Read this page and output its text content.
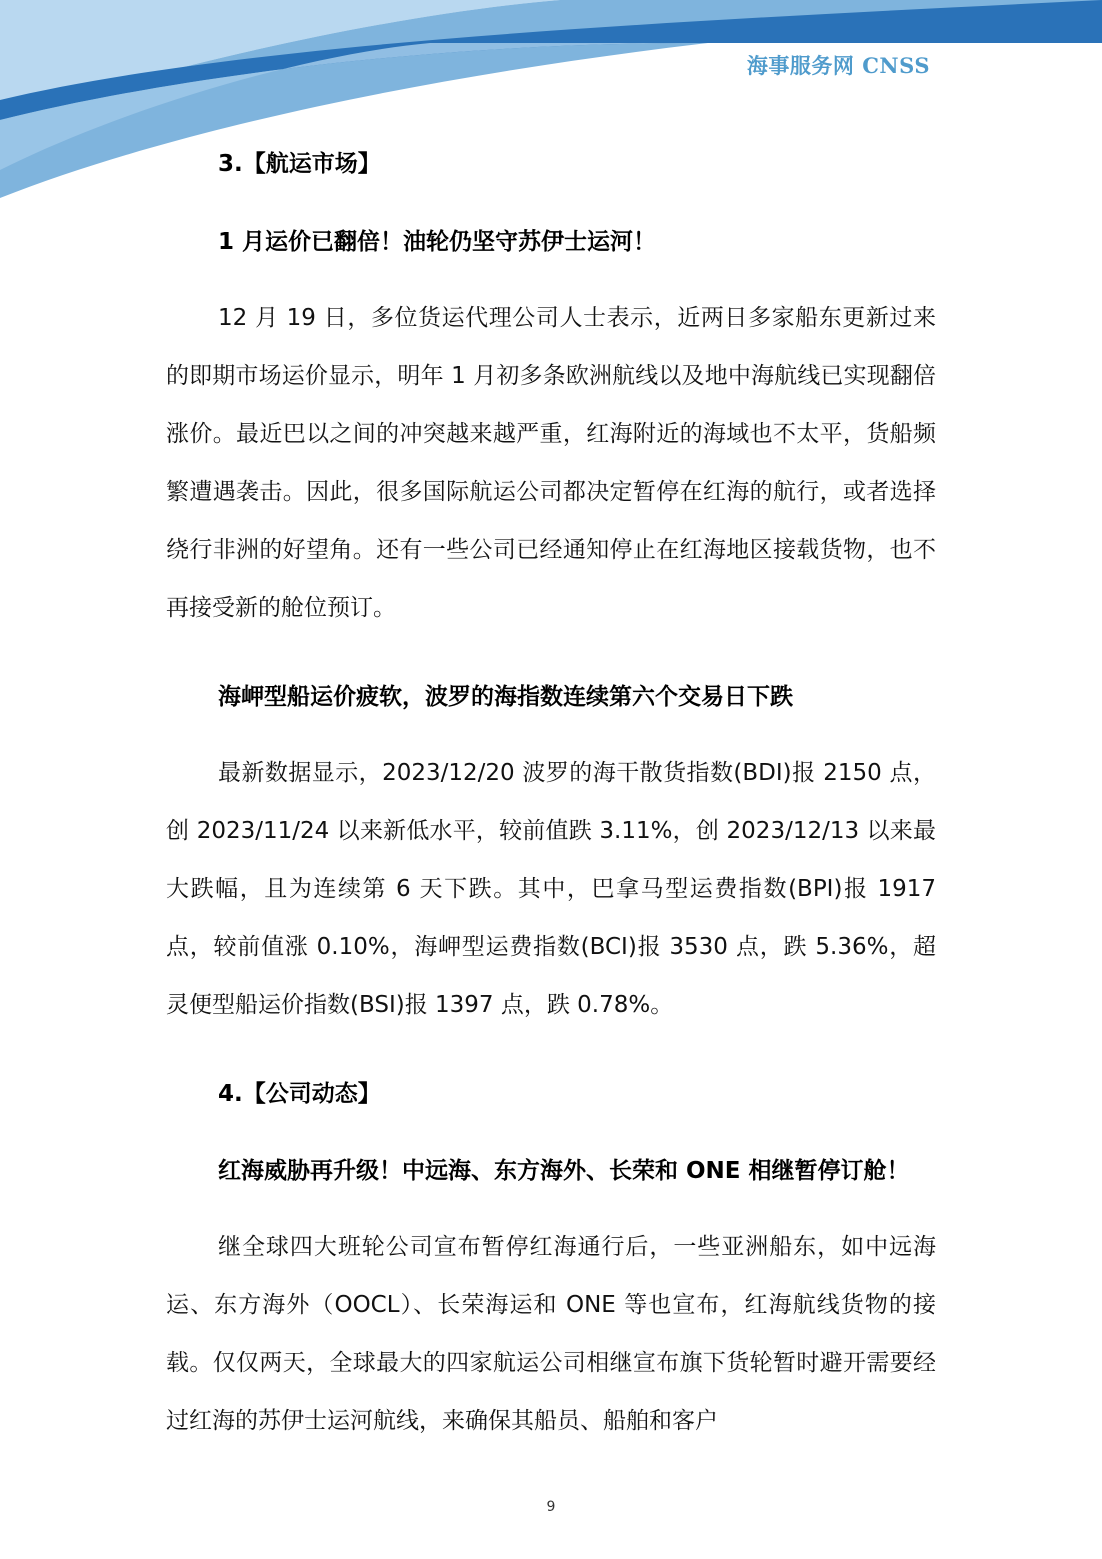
海事服务网 CNSS
3.【航运市场】
1 月运价已翻倍！油轮仍坚守苏伊士运河！

12 月 19 日，多位货运代理公司人士表示，近两日多家船东更新过来的即期市场运价显示，明年 1 月初多条欧洲航线以及地中海航线已实现翻倍涨价。最近巴以之间的冲突越来越严重，红海附近的海域也不太平，货船频繁遭遇袭击。因此，很多国际航运公司都决定暂停在红海的航行，或者选择绕行非洲的好望角。还有一些公司已经通知停止在红海地区接载货物，也不再接受新的舱位预订。

海岬型船运价疲软，波罗的海指数连续第六个交易日下跌

最新数据显示，2023/12/20 波罗的海干散货指数(BDI)报 2150 点，创 2023/11/24 以来新低水平，较前值跌 3.11%，创 2023/12/13 以来最大跌幅，且为连续第 6 天下跌。其中，巴拿马型运费指数(BPI)报 1917 点，较前值涨 0.10%，海岬型运费指数(BCI)报 3530 点，跌 5.36%，超灵便型船运价指数(BSI)报 1397 点，跌 0.78%。

4.【公司动态】
红海威胁再升级！中远海、东方海外、长荣和 ONE 相继暂停订舱！

继全球四大班轮公司宣布暂停红海通行后，一些亚洲船东，如中远海运、东方海外（OOCL）、长荣海运和 ONE 等也宣布，红海航线货物的接载。仅仅两天，全球最大的四家航运公司相继宣布旗下货轮暂时避开需要经过红海的苏伊士运河航线，来确保其船员、船舶和客户

9
